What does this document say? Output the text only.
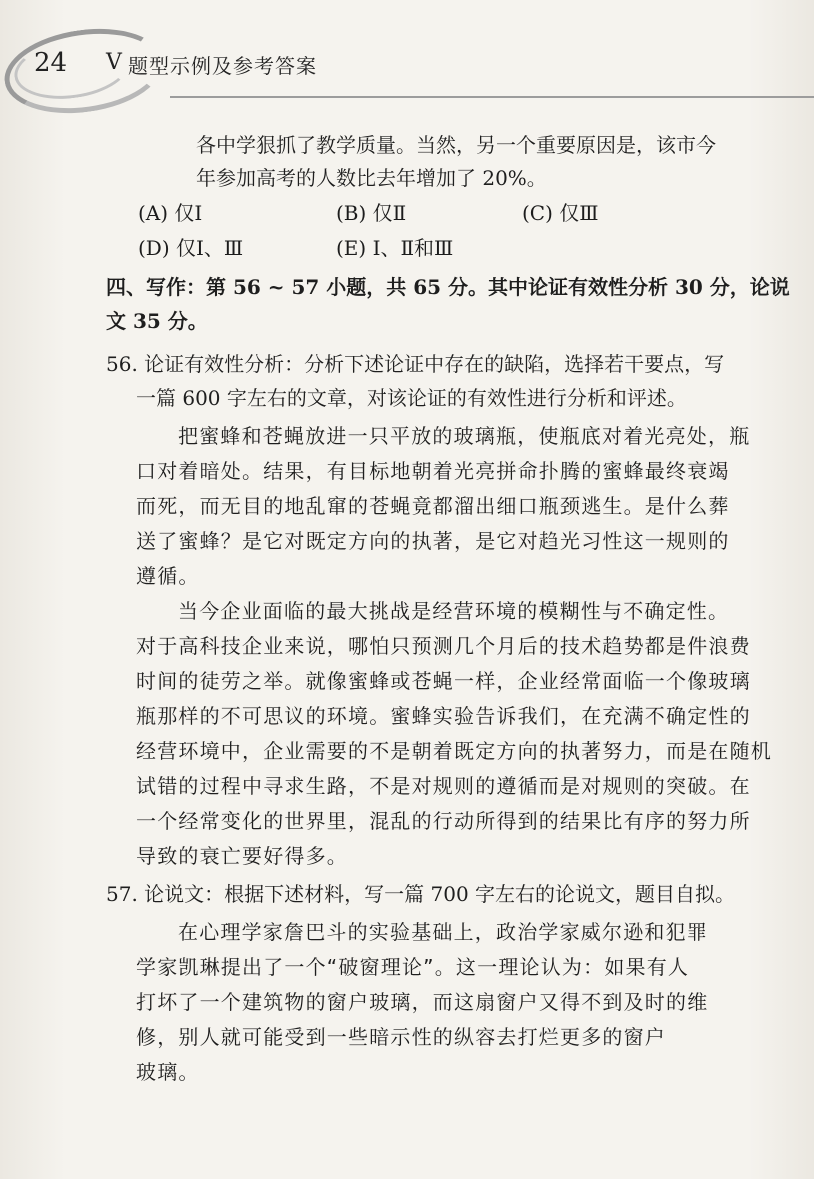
24 V 题型示例及参考答案
各中学狠抓了教学质量。当然，另一个重要原因是，该市今
年参加高考的人数比去年增加了 20%。
(A) 仅Ⅰ	(B) 仅Ⅱ	(C) 仅Ⅲ
(D) 仅Ⅰ、Ⅲ	(E) Ⅰ、Ⅱ和Ⅲ
四、写作：第 56 ~ 57 小题，共 65 分。其中论证有效性分析 30 分，论说
文 35 分。
56. 论证有效性分析：分析下述论证中存在的缺陷，选择若干要点，写
一篇 600 字左右的文章，对该论证的有效性进行分析和评述。
把蜜蜂和苍蝇放进一只平放的玻璃瓶，使瓶底对着光亮处，瓶
口对着暗处。结果，有目标地朝着光亮拼命扑腾的蜜蜂最终衰竭
而死，而无目的地乱窜的苍蝇竟都溜出细口瓶颈逃生。是什么葬
送了蜜蜂？是它对既定方向的执著，是它对趋光习性这一规则的
遵循。
当今企业面临的最大挑战是经营环境的模糊性与不确定性。
对于高科技企业来说，哪怕只预测几个月后的技术趋势都是件浪费
时间的徒劳之举。就像蜜蜂或苍蝇一样，企业经常面临一个像玻璃
瓶那样的不可思议的环境。蜜蜂实验告诉我们，在充满不确定性的
经营环境中，企业需要的不是朝着既定方向的执著努力，而是在随机
试错的过程中寻求生路，不是对规则的遵循而是对规则的突破。在
一个经常变化的世界里，混乱的行动所得到的结果比有序的努力所
导致的衰亡要好得多。
57. 论说文：根据下述材料，写一篇 700 字左右的论说文，题目自拟。
在心理学家詹巴斗的实验基础上，政治学家威尔逊和犯罪
学家凯琳提出了一个“破窗理论”。这一理论认为：如果有人
打坏了一个建筑物的窗户玻璃，而这扇窗户又得不到及时的维
修，别人就可能受到一些暗示性的纵容去打烂更多的窗户
玻璃。
